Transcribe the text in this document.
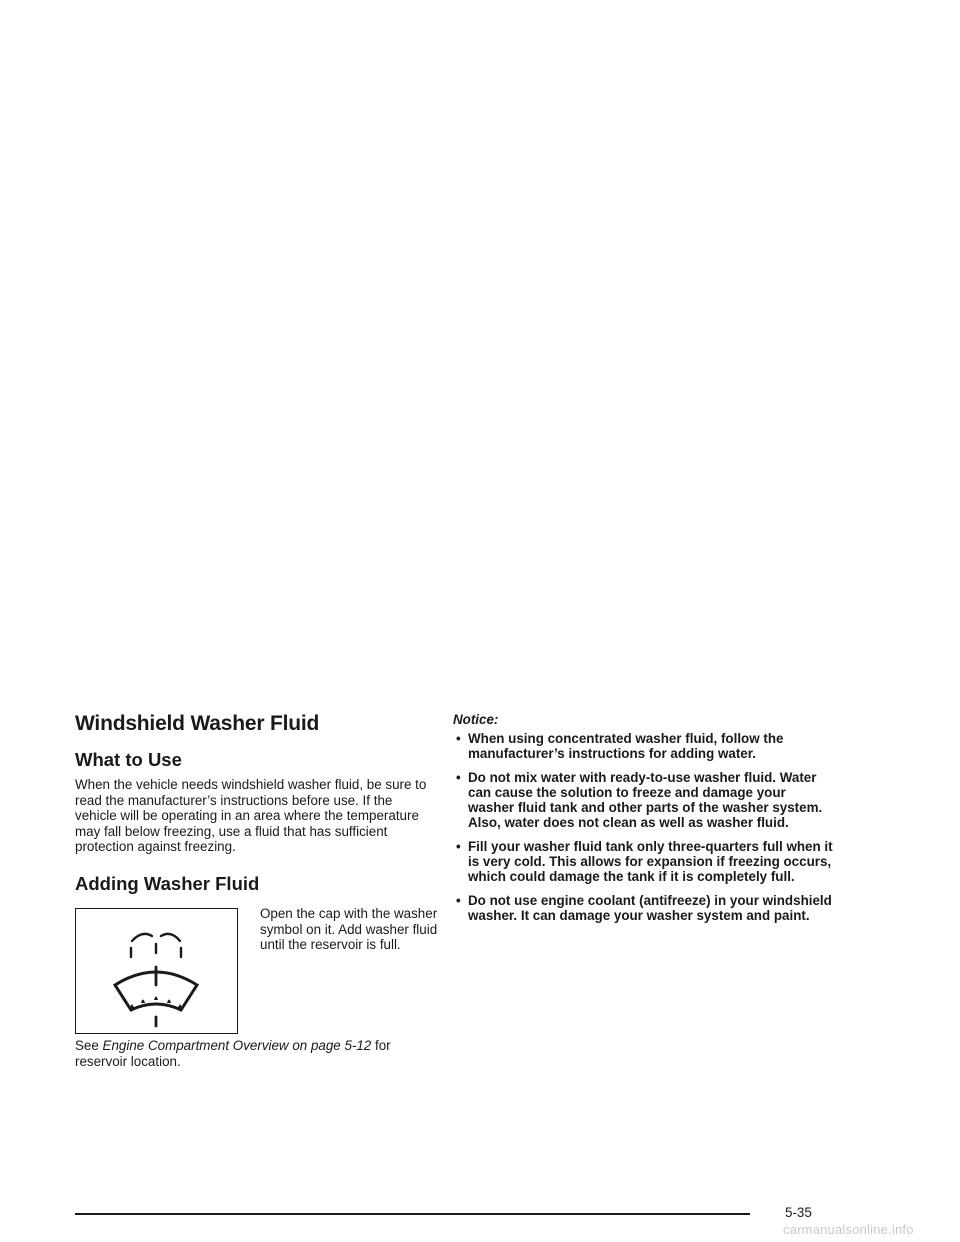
Windshield Washer Fluid
What to Use

When the vehicle needs windshield washer fluid, be sure to read the manufacturer’s instructions before use. If the vehicle will be operating in an area where the temperature may fall below freezing, use a fluid that has sufficient protection against freezing.

Adding Washer Fluid
Open the cap with the washer symbol on it. Add washer fluid until the reservoir is full.

See Engine Compartment Overview on page 5-12 for reservoir location.

Notice:

• When using concentrated washer fluid, follow the manufacturer’s instructions for adding water.
• Do not mix water with ready-to-use washer fluid. Water can cause the solution to freeze and damage your washer fluid tank and other parts of the washer system. Also, water does not clean as well as washer fluid.
• Fill your washer fluid tank only three-quarters full when it is very cold. This allows for expansion if freezing occurs, which could damage the tank if it is completely full.
• Do not use engine coolant (antifreeze) in your windshield washer. It can damage your washer system and paint.
5-35
carmanualsonline.info
